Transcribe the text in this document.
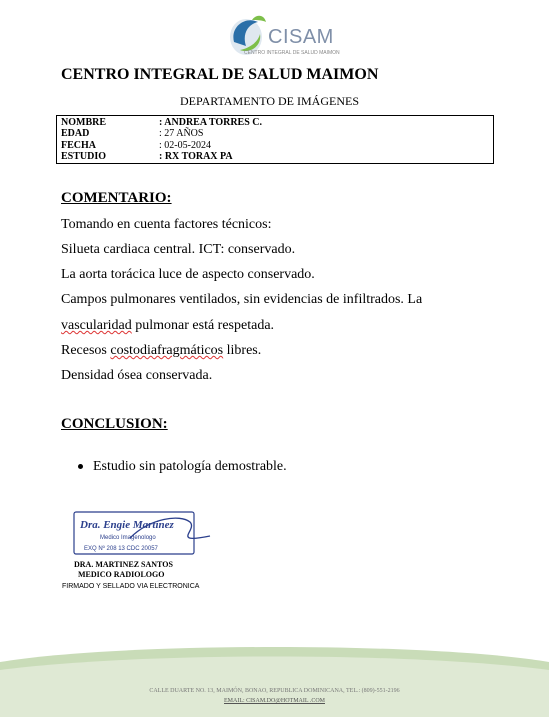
CISAM
CENTRO INTEGRAL DE SALUD MAIMON
CENTRO INTEGRAL DE SALUD MAIMON
DEPARTAMENTO DE IMÁGENES
NOMBRE	: ANDREA TORRES C.
EDAD	: 27 AÑOS
FECHA	: 02-05-2024
ESTUDIO	: RX TORAX PA
COMENTARIO:
Tomando en cuenta factores técnicos:
Silueta cardiaca central. ICT: conservado.
La aorta torácica luce de aspecto conservado.
Campos pulmonares ventilados, sin evidencias de infiltrados. La
vascularidad pulmonar está respetada.
Recesos costodiafragmáticos libres.
Densidad ósea conservada.
CONCLUSION:
Estudio sin patología demostrable.
Dra. Engie Martinez
Medico Imagenologo
EXQ Nº 208 13 CDC 20057
DRA. MARTINEZ SANTOS
MEDICO RADIOLOGO
FIRMADO Y SELLADO VIA ELECTRONICA
CALLE DUARTE NO. 13, MAIMÓN, BONAO, REPUBLICA DOMINICANA, TEL.: (809)-551-2196
EMAIL: CISAM.DO@HOTMAIL .COM
